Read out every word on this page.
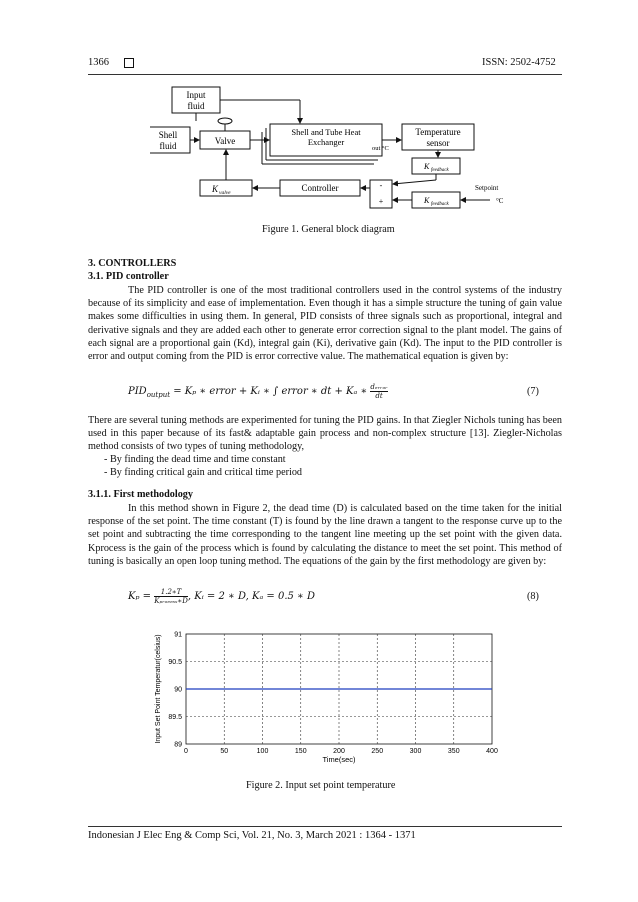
1366	ISSN: 2502-4752
Input
fluid
Shell
fluid	Valve
Shell and Tube Heat
Exchanger
Temperature
sensor
out °C
K feedback
K feedback
-
+
Controller
K valve
Setpoint
°C
Figure 1. General block diagram
3. CONTROLLERS
3.1. PID controller
The PID controller is one of the most traditional controllers used in the control systems of the industry because of its simplicity and ease of implementation. Even though it has a simple structure the tuning of gain value makes some difficulties in using them. In general, PID consists of three signals such as proportional, integral and derivative signals and they are added each other to generate error correction signal to the plant model. The gains of each signal are a proportional gain (Kd), integral gain (Ki), derivative gain (Kd). The input to the PID controller is error and output coming from the PID is error corrective value. The mathematical equation is given by:
$PID_{output} = K_p$ ∗ error + Kᵢ ∗ ∫ error ∗ dt + Kₐ ∗ dₑᵣᵣₒᵣ
dt	(7)
There are several tuning methods are experimented for tuning the PID gains. In that Ziegler Nichols tuning has been used in this paper because of its fast& adaptable gain process and non-complex structure [13]. Ziegler-Nicholas method consists of two types of tuning methodology,
- By finding the dead time and time constant
- By finding critical gain and critical time period
3.1.1. First methodology
In this method shown in Figure 2, the dead time (D) is calculated based on the time taken for the initial response of the set point. The time constant (T) is found by the line drawn a tangent to the response curve up to the set point and subtracting the time corresponding to the tangent line meeting up the set point with the given data. Kprocess is the gain of the process which is found by calculating the distance to meet the set point. This method of tuning is basically an open loop tuning method. The equations of the gain by the first methodology are given by:
Kₚ = 1.2∗T
Kₚᵣₒₑₑₛₛ∗D , Kᵢ = 2 ∗ D, Kₐ = 0.5 ∗ D	(8)
0	50	100	150	200	250	300	350	400
89
89.5
90
90.5
91
Time(sec)
Input Set Point Temperatur(celsius)
Figure 2. Input set point temperature
Indonesian J Elec Eng & Comp Sci, Vol. 21, No. 3, March 2021 : 1364 - 1371
